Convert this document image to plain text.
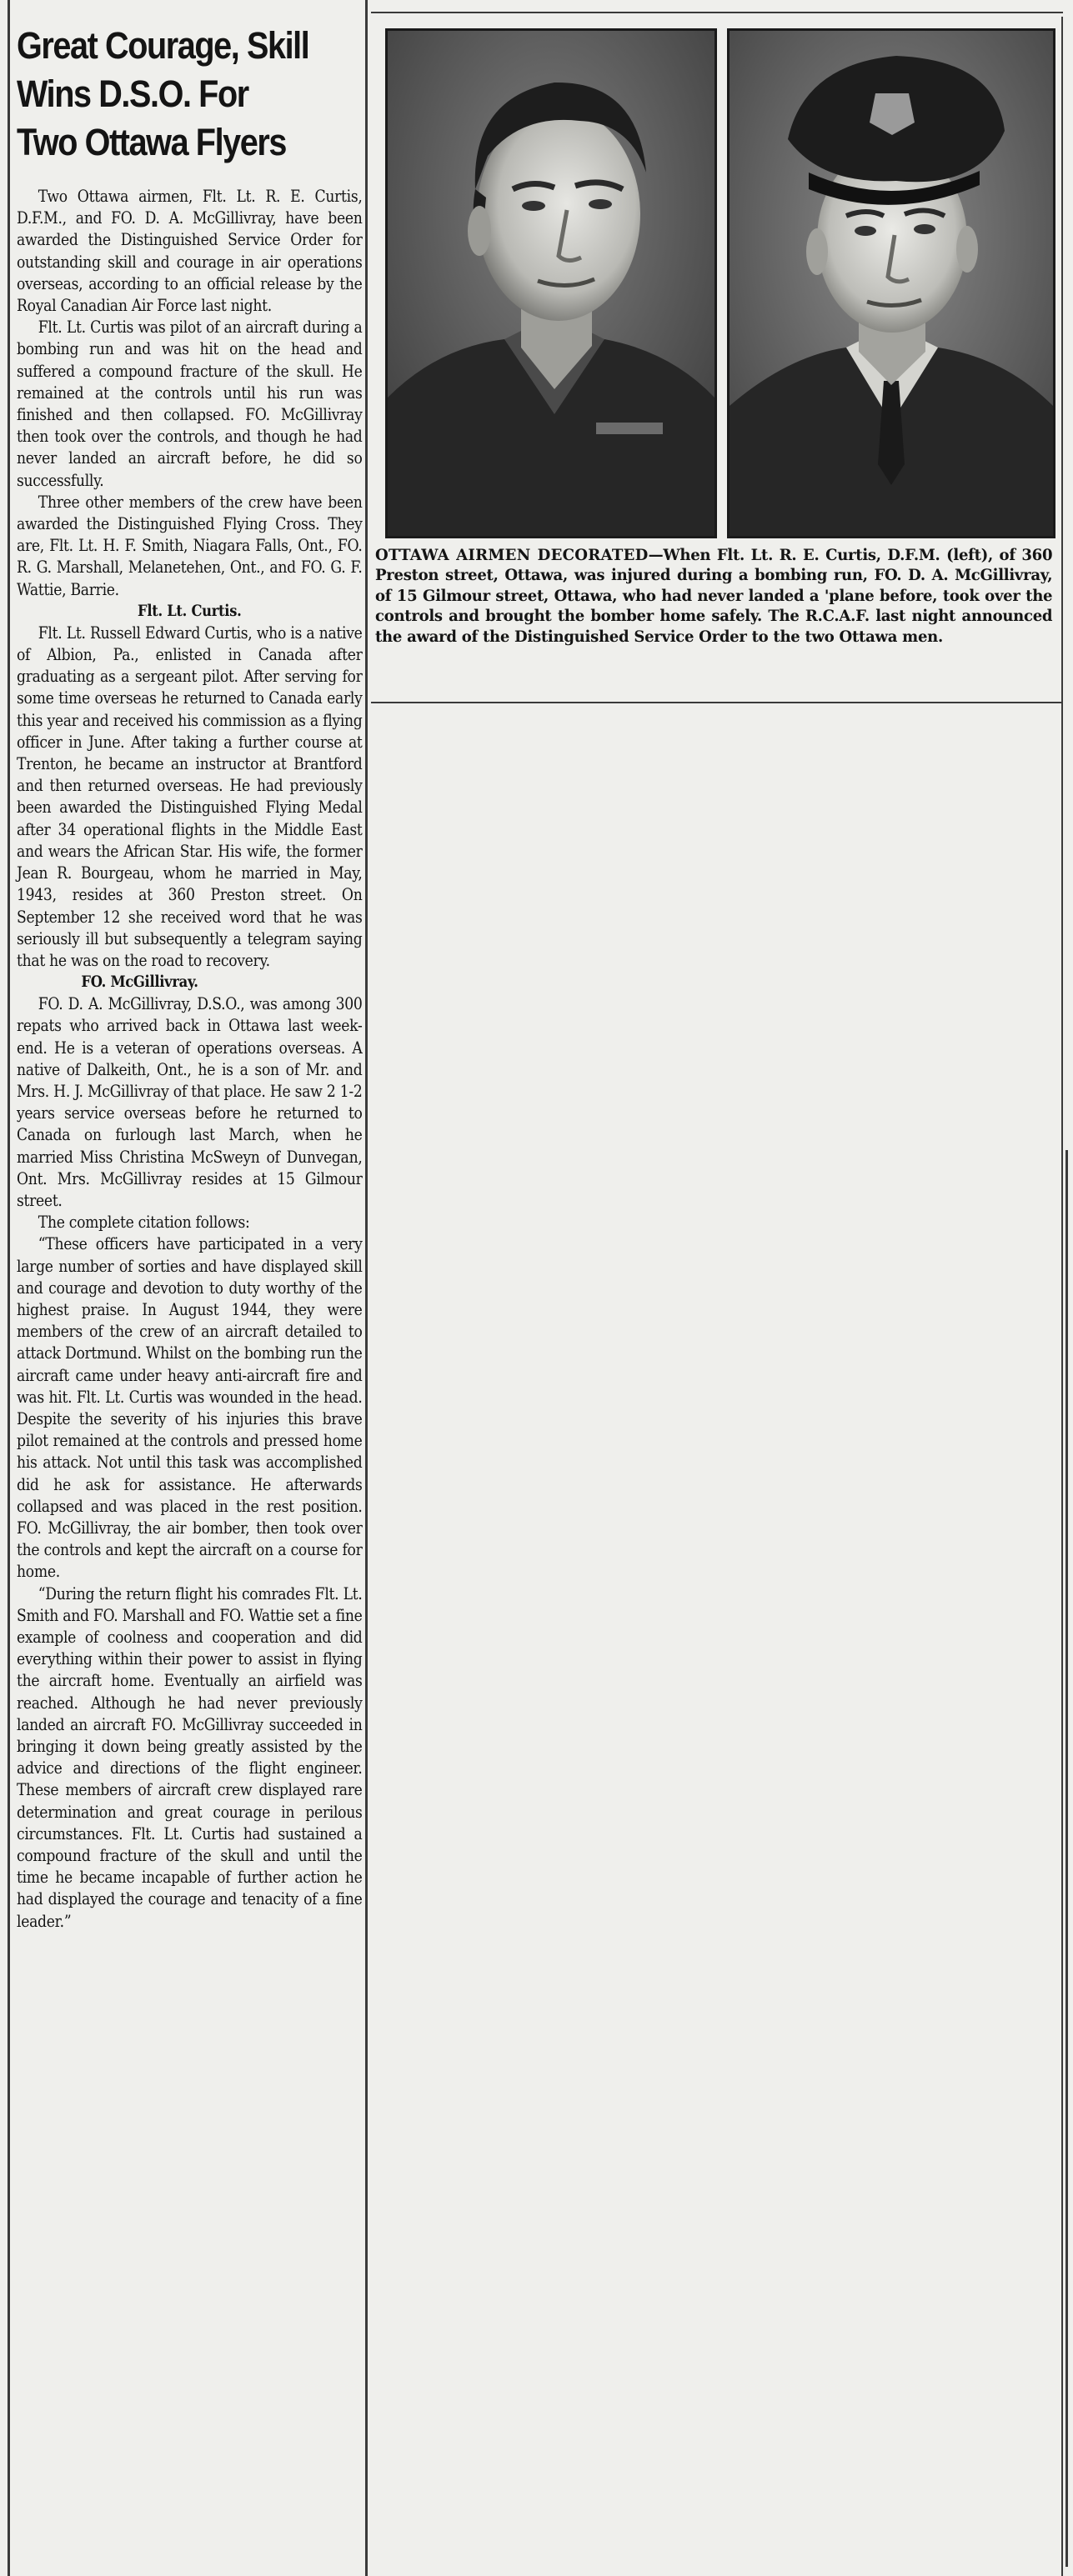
Great Courage, Skill
Wins D.S.O. For
Two Ottawa Flyers

Two Ottawa airmen, Flt. Lt. R. E. Curtis, D.F.M., and FO. D. A. McGillivray, have been awarded the Distinguished Service Order for outstanding skill and courage in air operations overseas, according to an official release by the Royal Canadian Air Force last night.

Flt. Lt. Curtis was pilot of an aircraft during a bombing run and was hit on the head and suffered a compound fracture of the skull. He remained at the controls until his run was finished and then collapsed. FO. McGillivray then took over the controls, and though he had never landed an aircraft before, he did so successfully.

Three other members of the crew have been awarded the Distinguished Flying Cross. They are, Flt. Lt. H. F. Smith, Niagara Falls, Ont., FO. R. G. Marshall, Melanetehen, Ont., and FO. G. F. Wattie, Barrie.

Flt. Lt. Curtis.

Flt. Lt. Russell Edward Curtis, who is a native of Albion, Pa., enlisted in Canada after graduating as a sergeant pilot. After serving for some time overseas he returned to Canada early this year and received his commission as a flying officer in June. After taking a further course at Trenton, he became an instructor at Brantford and then returned overseas. He had previously been awarded the Distinguished Flying Medal after 34 operational flights in the Middle East and wears the African Star. His wife, the former Jean R. Bourgeau, whom he married in May, 1943, resides at 360 Preston street. On September 12 she received word that he was seriously ill but subsequently a telegram saying that he was on the road to recovery.

FO. McGillivray.

FO. D. A. McGillivray, D.S.O., was among 300 repats who arrived back in Ottawa last week-end. He is a veteran of operations overseas. A native of Dalkeith, Ont., he is a son of Mr. and Mrs. H. J. McGillivray of that place. He saw 2 1-2 years service overseas before he returned to Canada on furlough last March, when he married Miss Christina McSweyn of Dunvegan, Ont. Mrs. McGillivray resides at 15 Gilmour street.

The complete citation follows:

“These officers have participated in a very large number of sorties and have displayed skill and courage and devotion to duty worthy of the highest praise. In August 1944, they were members of the crew of an aircraft detailed to attack Dortmund. Whilst on the bombing run the aircraft came under heavy anti-aircraft fire and was hit. Flt. Lt. Curtis was wounded in the head. Despite the severity of his injuries this brave pilot remained at the controls and pressed home his attack. Not until this task was accomplished did he ask for assistance. He afterwards collapsed and was placed in the rest position. FO. McGillivray, the air bomber, then took over the controls and kept the aircraft on a course for home.

“During the return flight his comrades Flt. Lt. Smith and FO. Marshall and FO. Wattie set a fine example of coolness and cooperation and did everything within their power to assist in flying the aircraft home. Eventually an airfield was reached. Although he had never previously landed an aircraft FO. McGillivray succeeded in bringing it down being greatly assisted by the advice and directions of the flight engineer. These members of aircraft crew displayed rare determination and great courage in perilous circumstances. Flt. Lt. Curtis had sustained a compound fracture of the skull and until the time he became incapable of further action he had displayed the courage and tenacity of a fine leader.”

OTTAWA AIRMEN DECORATED—When Flt. Lt. R. E. Curtis, D.F.M. (left), of 360 Preston street, Ottawa, was injured during a bombing run, FO. D. A. McGillivray, of 15 Gilmour street, Ottawa, who had never landed a 'plane before, took over the controls and brought the bomber home safely. The R.C.A.F. last night announced the award of the Distinguished Service Order to the two Ottawa men.
